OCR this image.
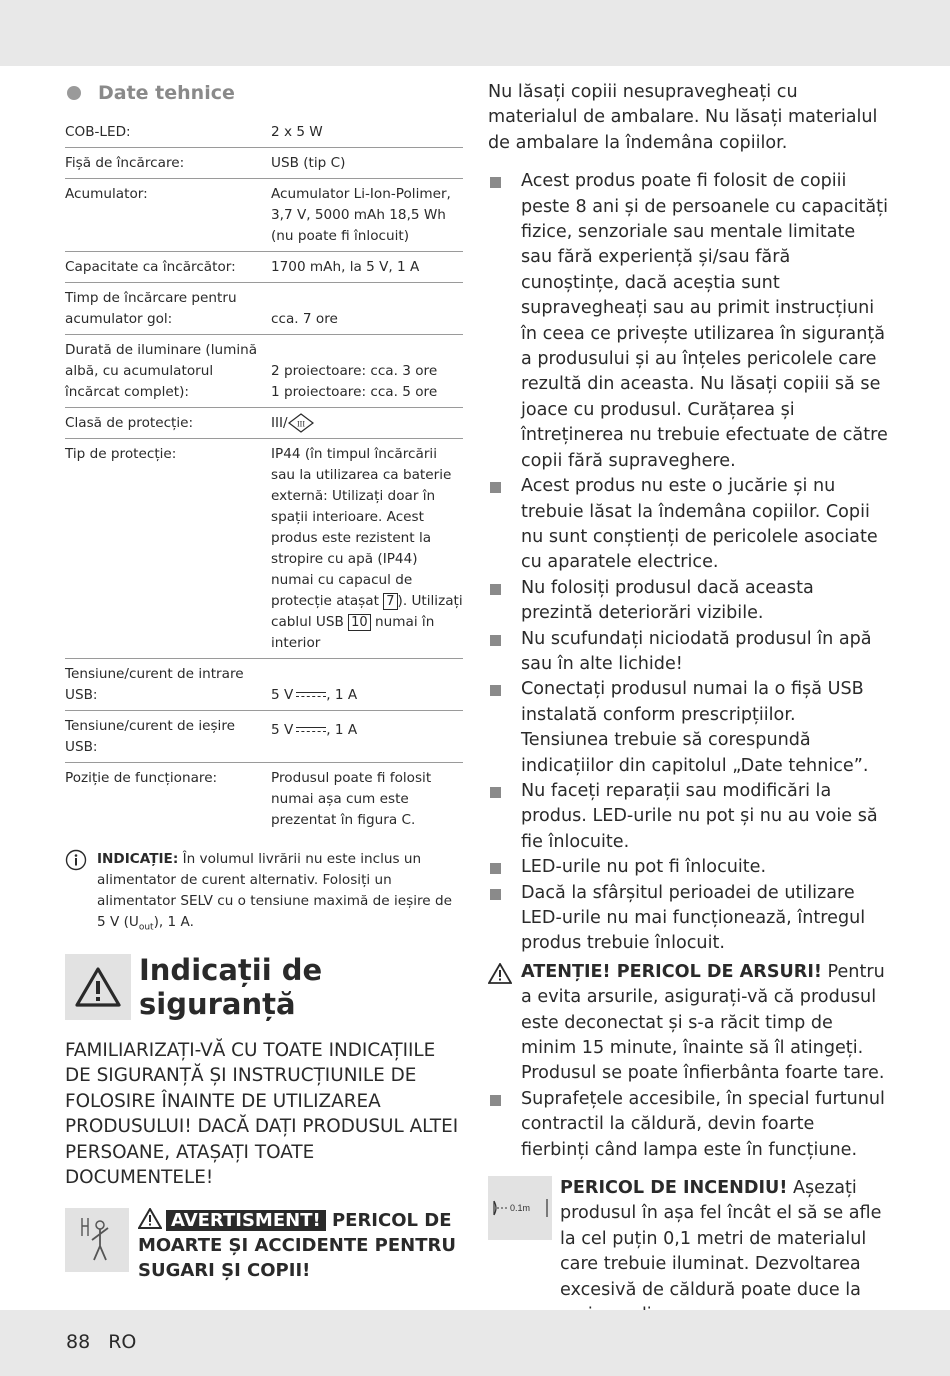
Date tehnice
COB-LED:	2 x 5 W
Fișă de încărcare:	USB (tip C)
Acumulator:	Acumulator Li-Ion-Polimer, 3,7 V, 5000 mAh 18,5 Wh (nu poate fi înlocuit)
Capacitate ca încărcător:	1700 mAh, la 5 V, 1 A
Timp de încărcare pentru acumulator gol:	cca. 7 ore
Durată de iluminare (lumină albă, cu acumulatorul încărcat complet):	2 proiectoare: cca. 3 ore
1 proiectoare: cca. 5 ore

Clasă de protecție:	III/ III

Tip de protecție:	IP44 (în timpul încărcării sau la utilizarea ca baterie externă: Utilizați doar în spații interioare. Acest produs este rezistent la stropire cu apă (IP44) numai cu capacul de protecție atașat 7 ). Utilizați cablul USB 10 numai în interior
Tensiune/curent de intrare USB:	5 V , 1 A
Tensiune/curent de ieșire USB:	5 V , 1 A
Poziție de funcționare:	Produsul poate fi folosit numai așa cum este prezentat în figura C.
INDICAȚIE: În volumul livrării nu este inclus un alimentator de curent alternativ. Folosiți un alimentator SELV cu o tensiune maximă de ieșire de 5 V $(U_{out})$, 1 A.
Indicații de siguranță
FAMILIARIZAȚI-VĂ CU TOATE INDICAȚIILE DE SIGURANȚĂ ȘI INSTRUCȚIUNILE DE FOLOSIRE ÎNAINTE DE UTILIZAREA PRODUSULUI! DACĂ DAȚI PRODUSUL ALTEI PERSOANE, ATAȘAȚI TOATE DOCUMENTELE!
AVERTISMENT! PERICOL DE MOARTE ȘI ACCIDENTE PENTRU SUGARI ȘI COPII!

Nu lăsați copiii nesupravegheați cu materialul de ambalare. Nu lăsați materialul de ambalare la îndemâna copiilor.

Acest produs poate fi folosit de copiii peste 8 ani și de persoanele cu capacități fizice, senzoriale sau mentale limitate sau fără experiență și/sau fără cunoștințe, dacă aceștia sunt supravegheați sau au primit instrucțiuni în ceea ce privește utilizarea în siguranță a produsului și au înțeles pericolele care rezultă din aceasta. Nu lăsați copiii să se joace cu produsul. Curățarea și întreținerea nu trebuie efectuate de către copii fără supraveghere.
Acest produs nu este o jucărie și nu trebuie lăsat la îndemâna copiilor. Copii nu sunt conștienți de pericolele asociate cu aparatele electrice.
Nu folosiți produsul dacă aceasta prezintă deteriorări vizibile.
Nu scufundați niciodată produsul în apă sau în alte lichide!
Conectați produsul numai la o fișă USB instalată conform prescripțiilor. Tensiunea trebuie să corespundă indicațiilor din capitolul „Date tehnice”.
Nu faceți reparații sau modificări la produs. LED-urile nu pot și nu au voie să fie înlocuite.
LED-urile nu pot fi înlocuite.
Dacă la sfârșitul perioadei de utilizare LED-urile nu mai funcționează, întregul produs trebuie înlocuit.
ATENȚIE! PERICOL DE ARSURI! Pentru a evita arsurile, asigurați-vă că produsul este deconectat și s-a răcit timp de minim 15 minute, înainte să îl atingeți. Produsul se poate înfierbânta foarte tare.
Suprafețele accesibile, în special furtunul contractil la căldură, devin foarte fierbinți când lampa este în funcțiune.
0.1m
PERICOL DE INCENDIU! Așezați produsul în așa fel încât el să se afle la cel puțin 0,1 metri de materialul care trebuie iluminat. Dezvoltarea excesivă de căldură poate duce la
88 RO
